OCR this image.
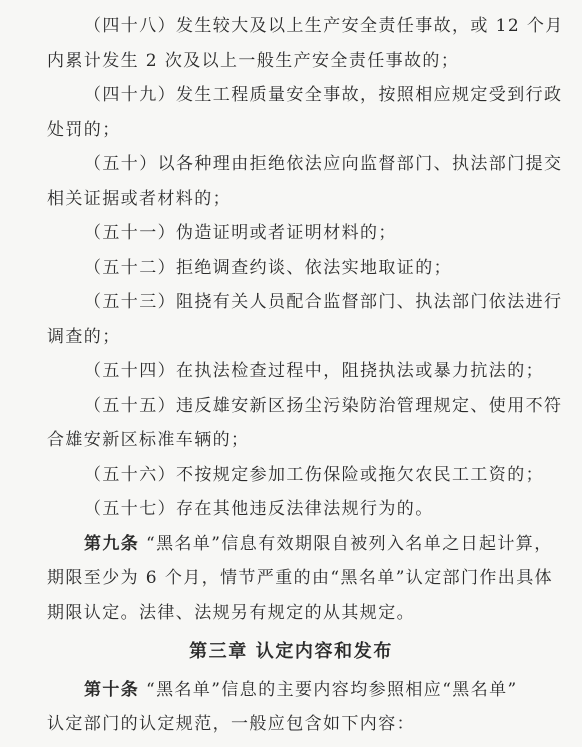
（四十八）发生较大及以上生产安全责任事故，或 12 个月
内累计发生 2 次及以上一般生产安全责任事故的；
（四十九）发生工程质量安全事故，按照相应规定受到行政
处罚的；
（五十）以各种理由拒绝依法应向监督部门、执法部门提交
相关证据或者材料的；
（五十一）伪造证明或者证明材料的；
（五十二）拒绝调查约谈、依法实地取证的；
（五十三）阻挠有关人员配合监督部门、执法部门依法进行
调查的；
（五十四）在执法检查过程中，阻挠执法或暴力抗法的；
（五十五）违反雄安新区扬尘污染防治管理规定、使用不符
合雄安新区标准车辆的；
（五十六）不按规定参加工伤保险或拖欠农民工工资的；
（五十七）存在其他违反法律法规行为的。
第九条 “黑名单”信息有效期限自被列入名单之日起计算，
期限至少为 6 个月，情节严重的由“黑名单”认定部门作出具体
期限认定。法律、法规另有规定的从其规定。
第三章 认定内容和发布
第十条 “黑名单”信息的主要内容均参照相应“黑名单”
认定部门的认定规范，一般应包含如下内容：
